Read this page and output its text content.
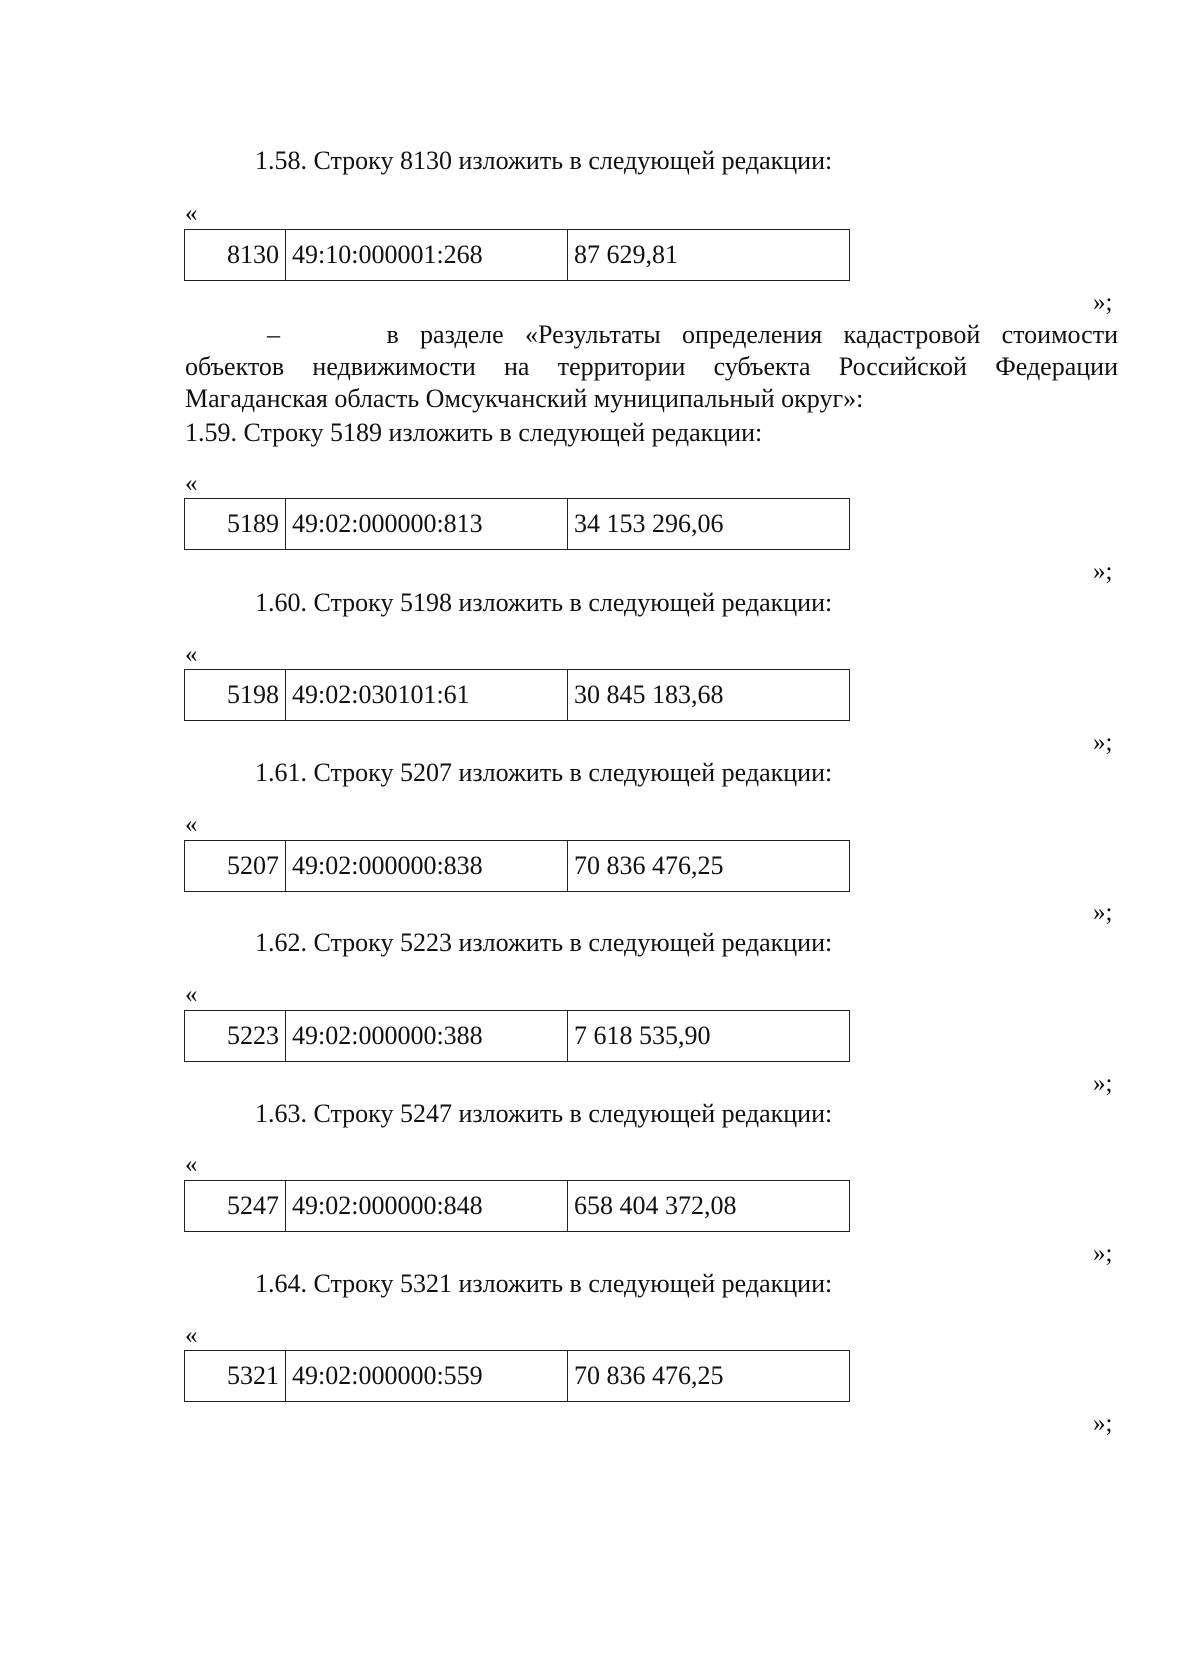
1.58. Строку 8130 изложить в следующей редакции:
«
8130 49:10:000001:268	87 629,81
»;
–	в разделе «Результаты определения кадастровой стоимости
объектов недвижимости на территории субъекта Российской Федерации
Магаданская область Омсукчанский муниципальный округ»:
1.59. Строку 5189 изложить в следующей редакции:
«
5189 49:02:000000:813	34 153 296,06
»;
1.60. Строку 5198 изложить в следующей редакции:
«
5198 49:02:030101:61	30 845 183,68
»;
1.61. Строку 5207 изложить в следующей редакции:
«
5207 49:02:000000:838	70 836 476,25
»;
1.62. Строку 5223 изложить в следующей редакции:
«
5223 49:02:000000:388	7 618 535,90
»;
1.63. Строку 5247 изложить в следующей редакции:
«
5247 49:02:000000:848	658 404 372,08
»;
1.64. Строку 5321 изложить в следующей редакции:
«
5321 49:02:000000:559	70 836 476,25
»;
